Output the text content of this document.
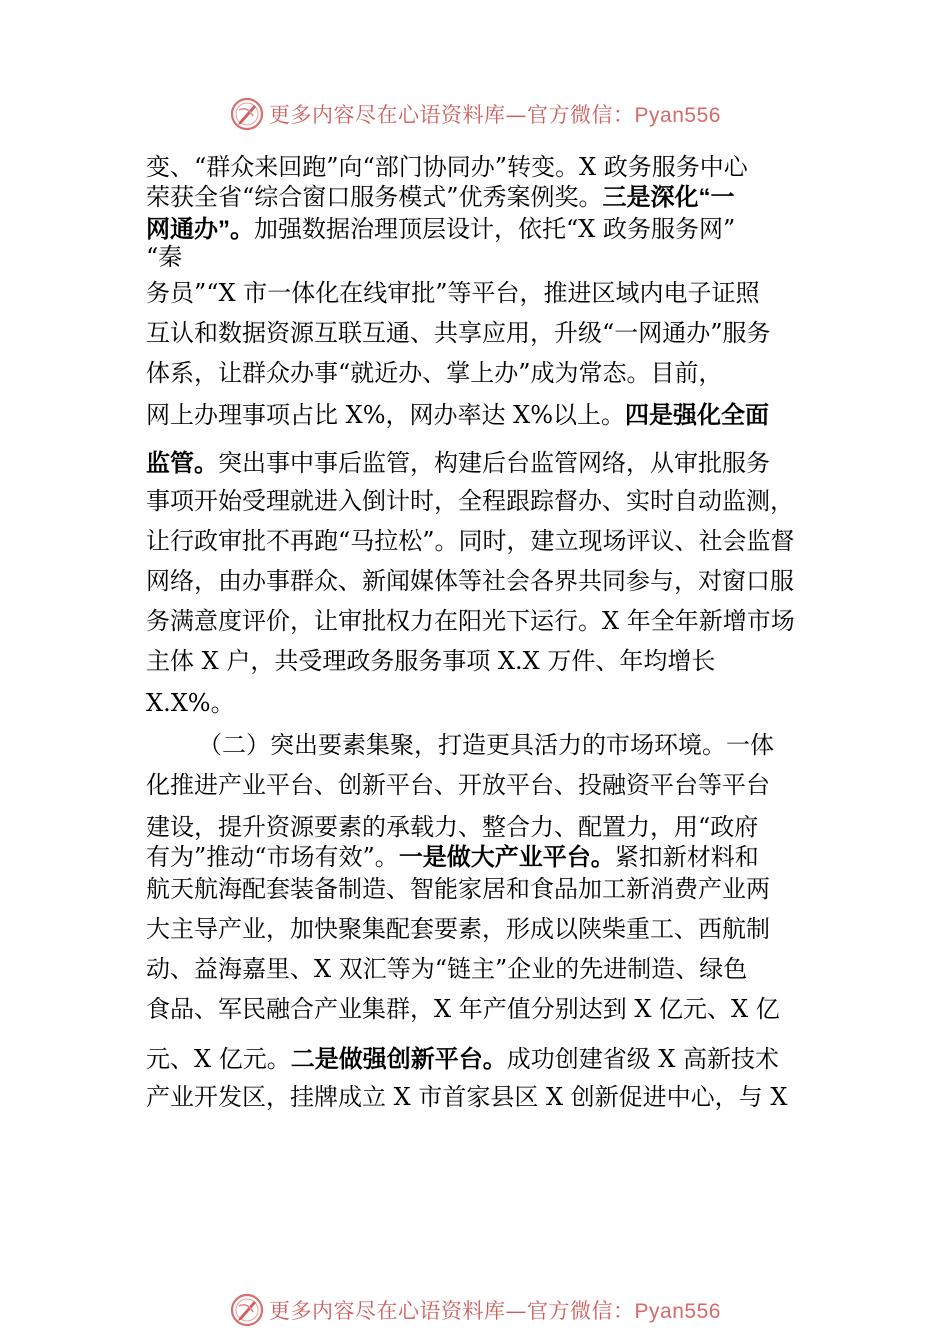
更多内容尽在心语资料库—官方微信：Pyan556
变、“群众来回跑”向“部门协同办”转变。X 政务服务中心
荣获全省“综合窗口服务模式”优秀案例奖。三是深化“一
网通办”。加强数据治理顶层设计，依托“X 政务服务网”
“秦
务员”“X 市一体化在线审批”等平台，推进区域内电子证照
互认和数据资源互联互通、共享应用，升级“一网通办”服务
体系，让群众办事“就近办、掌上办”成为常态。目前，
网上办理事项占比 X%，网办率达 X%以上。四是强化全面
监管。突出事中事后监管，构建后台监管网络，从审批服务
事项开始受理就进入倒计时，全程跟踪督办、实时自动监测，
让行政审批不再跑“马拉松”。同时，建立现场评议、社会监督
网络，由办事群众、新闻媒体等社会各界共同参与，对窗口服
务满意度评价，让审批权力在阳光下运行。X 年全年新增市场
主体 X 户，共受理政务服务事项 X.X 万件、年均增长
X.X%。
（二）突出要素集聚，打造更具活力的市场环境。一体
化推进产业平台、创新平台、开放平台、投融资平台等平台
建设，提升资源要素的承载力、整合力、配置力，用“政府
有为”推动“市场有效”。一是做大产业平台。紧扣新材料和
航天航海配套装备制造、智能家居和食品加工新消费产业两
大主导产业，加快聚集配套要素，形成以陕柴重工、西航制
动、益海嘉里、X 双汇等为“链主”企业的先进制造、绿色
食品、军民融合产业集群，X 年产值分别达到 X 亿元、X 亿
元、X 亿元。二是做强创新平台。成功创建省级 X 高新技术
产业开发区，挂牌成立 X 市首家县区 X 创新促进中心，与 X
更多内容尽在心语资料库—官方微信：Pyan556
